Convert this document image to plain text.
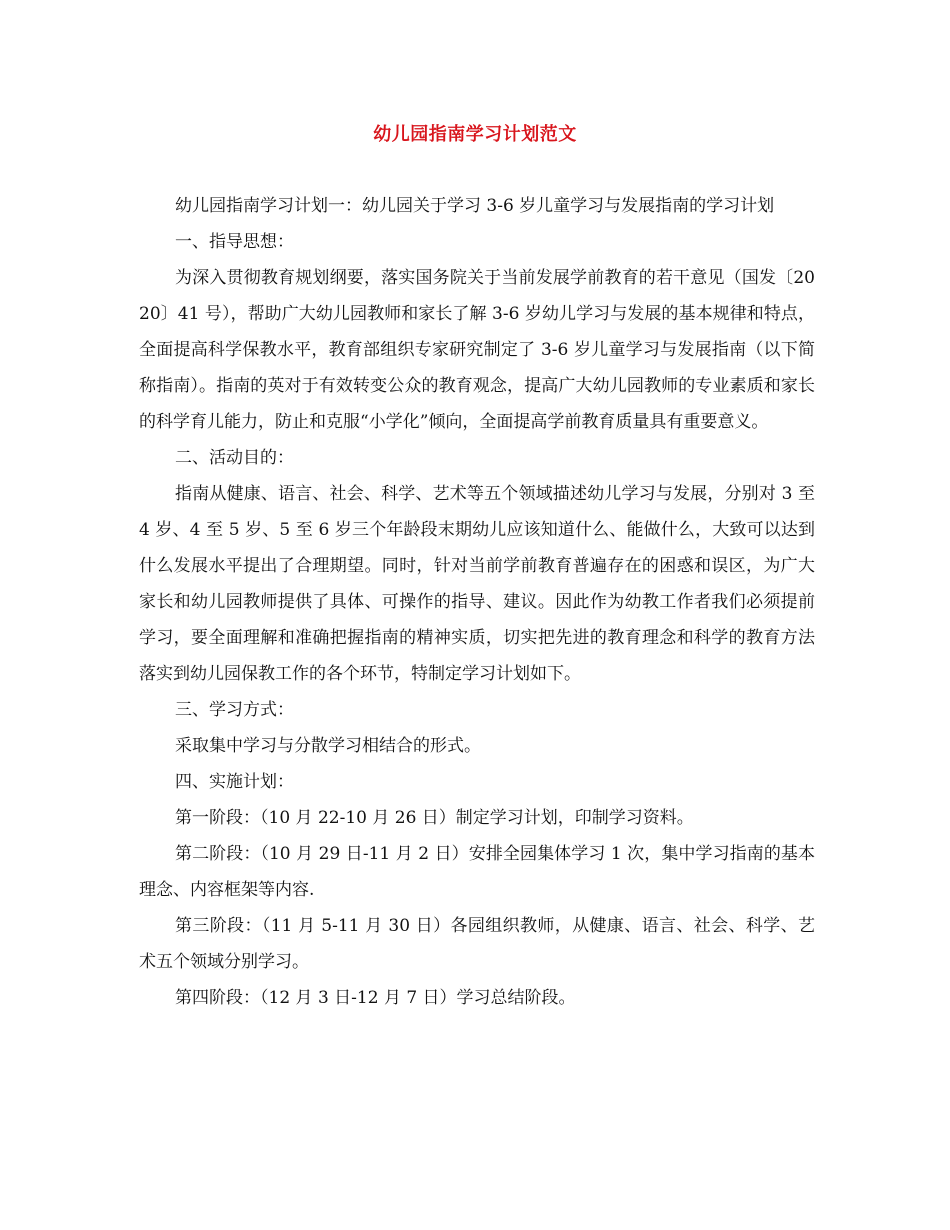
幼儿园指南学习计划范文

幼儿园指南学习计划一：幼儿园关于学习 3-6 岁儿童学习与发展指南的学习计划

一、指导思想：

为深入贯彻教育规划纲要，落实国务院关于当前发展学前教育的若干意见（国发〔2020〕41 号），帮助广大幼儿园教师和家长了解 3-6 岁幼儿学习与发展的基本规律和特点，全面提高科学保教水平，教育部组织专家研究制定了 3-6 岁儿童学习与发展指南（以下简称指南）。指南的英对于有效转变公众的教育观念，提高广大幼儿园教师的专业素质和家长的科学育儿能力，防止和克服“小学化”倾向，全面提高学前教育质量具有重要意义。

二、活动目的：

指南从健康、语言、社会、科学、艺术等五个领域描述幼儿学习与发展，分别对 3 至 4 岁、4 至 5 岁、5 至 6 岁三个年龄段末期幼儿应该知道什么、能做什么，大致可以达到什么发展水平提出了合理期望。同时，针对当前学前教育普遍存在的困惑和误区，为广大家长和幼儿园教师提供了具体、可操作的指导、建议。因此作为幼教工作者我们必须提前学习，要全面理解和准确把握指南的精神实质，切实把先进的教育理念和科学的教育方法落实到幼儿园保教工作的各个环节，特制定学习计划如下。

三、学习方式：

采取集中学习与分散学习相结合的形式。

四、实施计划：

第一阶段：（10 月 22-10 月 26 日）制定学习计划，印制学习资料。

第二阶段：（10 月 29 日-11 月 2 日）安排全园集体学习 1 次，集中学习指南的基本理念、内容框架等内容.

第三阶段：（11 月 5-11 月 30 日）各园组织教师，从健康、语言、社会、科学、艺术五个领域分别学习。

第四阶段：（12 月 3 日-12 月 7 日）学习总结阶段。
